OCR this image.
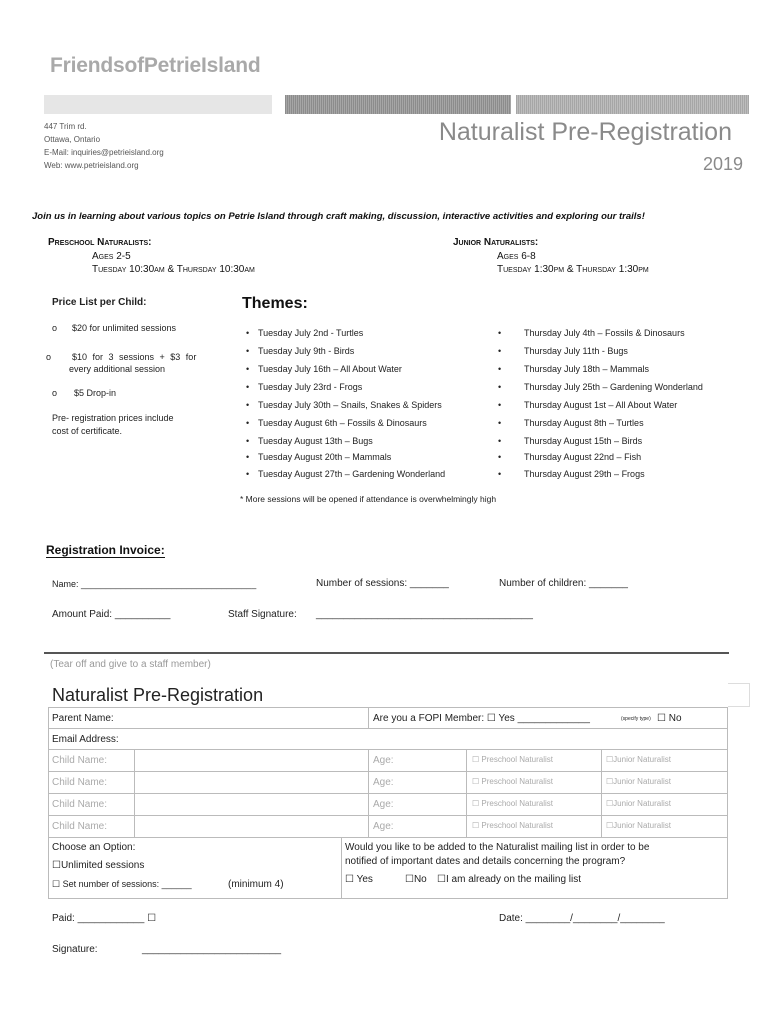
FriendsofPetrieIsland
447 Trim rd.
Ottawa, Ontario
E-Mail: inquiries@petrieisland.org
Web: www.petrieisland.org
Naturalist Pre-Registration
2019
Join us in learning about various topics on Petrie Island through craft making, discussion, interactive activities and exploring our trails!
Preschool Naturalists:
Ages 2-5
Tuesday 10:30am & Thursday 10:30am
Junior Naturalists:
Ages 6-8
Tuesday 1:30pm & Thursday 1:30pm
Price List per Child:
o $20 for unlimited sessions
o $10 for 3 sessions + $3 for
every additional session
o $5 Drop-in
Pre- registration prices include
cost of certificate.
Themes:
• Tuesday July 2nd - Turtles
• Tuesday July 9th - Birds
• Tuesday July 16th – All About Water
• Tuesday July 23rd - Frogs
• Tuesday July 30th – Snails, Snakes & Spiders
• Tuesday August 6th – Fossils & Dinosaurs
• Tuesday August 13th – Bugs
• Tuesday August 20th – Mammals
• Tuesday August 27th – Gardening Wonderland
•	Thursday July 4th – Fossils & Dinosaurs
•	Thursday July 11th - Bugs
•	Thursday July 18th – Mammals
•	Thursday July 25th – Gardening Wonderland
•	Thursday August 1st – All About Water
•	Thursday August 8th – Turtles
•	Thursday August 15th – Birds
•	Thursday August 22nd – Fish
•	Thursday August 29th – Frogs
* More sessions will be opened if attendance is overwhelmingly high
Registration Invoice:
Name: ___________________________________	Number of sessions: _______	Number of children: _______
Amount Paid: __________	Staff Signature: _______________________________________
(Tear off and give to a staff member)
Naturalist Pre-Registration
Parent Name:	Are you a FOPI Member: ☐ Yes _____________	(specify type) ☐ No
Email Address:
Child Name:	Age:	☐ Preschool Naturalist	☐Junior Naturalist
Child Name:	Age:	☐ Preschool Naturalist	☐Junior Naturalist
Child Name:	Age:	☐ Preschool Naturalist	☐Junior Naturalist
Child Name:	Age:	☐ Preschool Naturalist	☐Junior Naturalist
Choose an Option:
☐Unlimited sessions
☐ Set number of sessions: ______	(minimum 4)
Would you like to be added to the Naturalist mailing list in order to be
notified of important dates and details concerning the program?
☐ Yes	☐No ☐I am already on the mailing list
Paid: ____________ ☐	Date: ________/________/________
Signature:	_________________________
